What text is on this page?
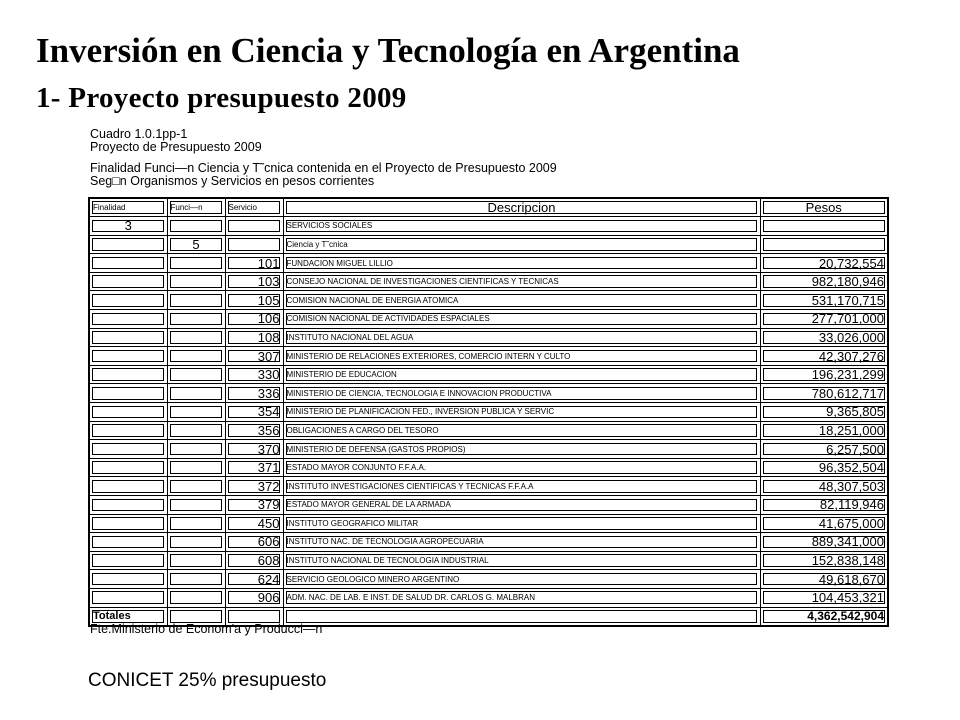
Inversión en Ciencia y Tecnología en Argentina
1- Proyecto presupuesto 2009
Cuadro 1.0.1pp-1
Proyecto de Presupuesto 2009
Finalidad Funci—n Ciencia y T˜cnica contenida en el Proyecto de Presupuesto 2009
Seg□n Organismos y Servicios en pesos corrientes
Finalidad	Funci—n	Servicio	Descripcion	Pesos
3			SERVICIOS SOCIALES	
	5		Ciencia y T˜cnica	
		101	FUNDACION MIGUEL LILLIO	20,732,554
		103	CONSEJO NACIONAL DE INVESTIGACIONES CIENTIFICAS Y TECNICAS	982,180,946
		105	COMISION NACIONAL DE ENERGIA ATOMICA	531,170,715
		106	COMISION NACIONAL DE ACTIVIDADES ESPACIALES	277,701,000
		108	INSTITUTO NACIONAL DEL AGUA	33,026,000
		307	MINISTERIO DE RELACIONES EXTERIORES, COMERCIO INTERN Y CULTO	42,307,276
		330	MINISTERIO DE EDUCACION	196,231,299
		336	MINISTERIO DE CIENCIA, TECNOLOGIA E INNOVACION PRODUCTIVA	780,612,717
		354	MINISTERIO DE PLANIFICACION FED., INVERSION PUBLICA Y SERVIC	9,365,805
		356	OBLIGACIONES A CARGO DEL TESORO	18,251,000
		370	MINISTERIO DE DEFENSA (GASTOS PROPIOS)	6,257,500
		371	ESTADO MAYOR CONJUNTO F.F.A.A.	96,352,504
		372	INSTITUTO INVESTIGACIONES CIENTIFICAS Y TECNICAS F.F.A.A	48,307,503
		379	ESTADO MAYOR GENERAL DE LA ARMADA	82,119,946
		450	INSTITUTO GEOGRAFICO MILITAR	41,675,000
		606	INSTITUTO NAC. DE TECNOLOGIA AGROPECUARIA	889,341,000
		608	INSTITUTO NACIONAL DE TECNOLOGIA INDUSTRIAL	152,838,148
		624	SERVICIO GEOLOGICO MINERO ARGENTINO	49,618,670
		906	ADM. NAC. DE LAB. E INST. DE SALUD DR. CARLOS G. MALBRAN	104,453,321
Totales				4,362,542,904
Fte.Ministerio de Econom'a y Producci—n
CONICET 25% presupuesto
